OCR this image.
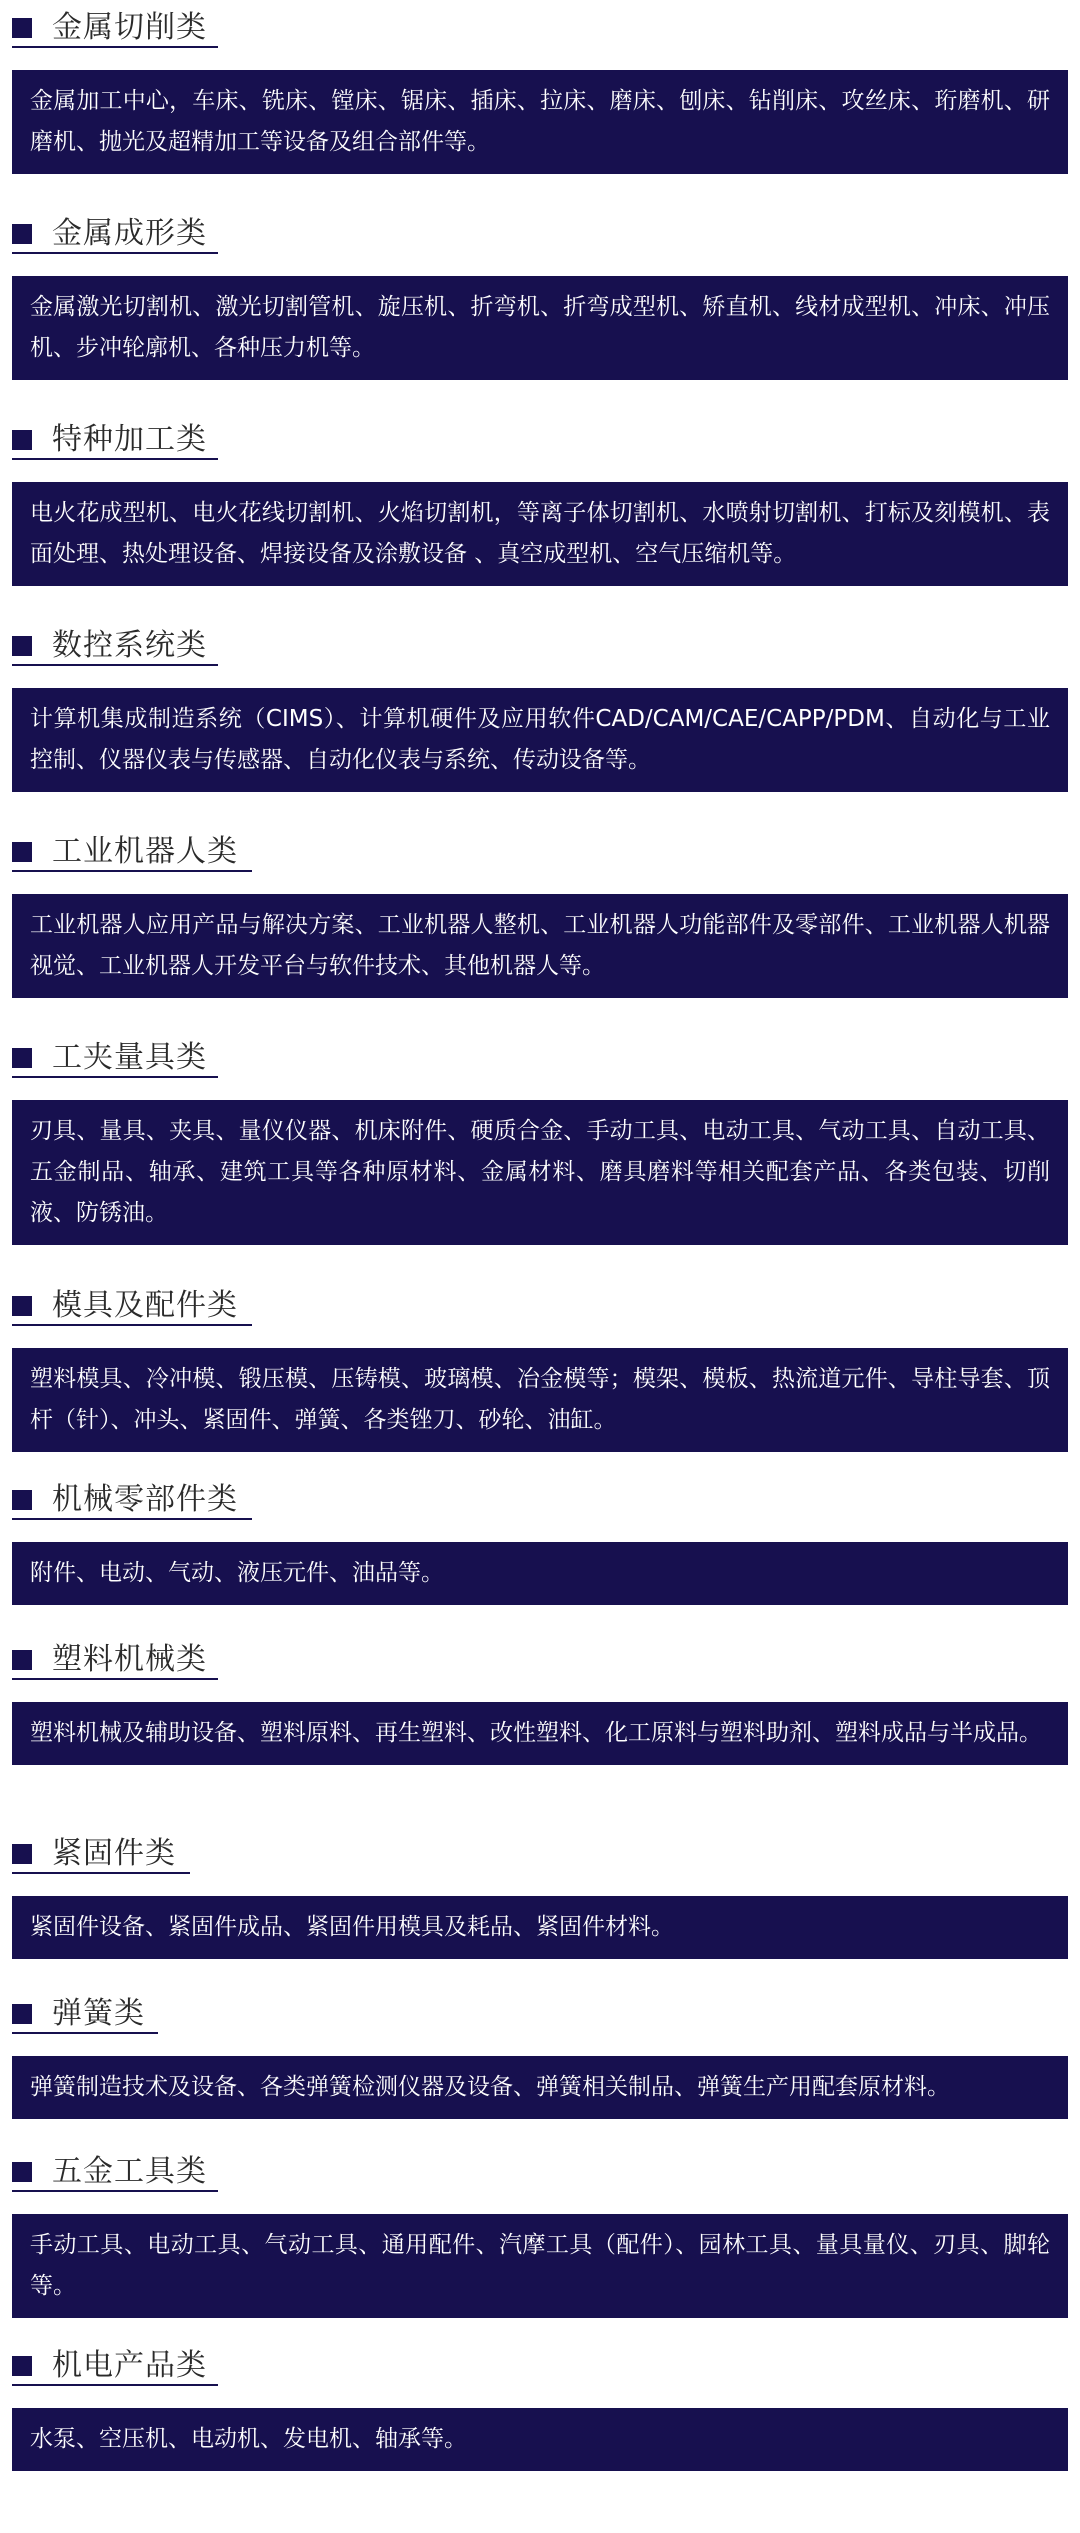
金属切削类
金属加工中心，车床、铣床、镗床、锯床、插床、拉床、磨床、刨床、钻削床、攻丝床、珩磨机、研磨机、抛光及超精加工等设备及组合部件等。
金属成形类
金属激光切割机、激光切割管机、旋压机、折弯机、折弯成型机、矫直机、线材成型机、冲床、冲压机、步冲轮廓机、各种压力机等。
特种加工类
电火花成型机、电火花线切割机、火焰切割机，等离子体切割机、水喷射切割机、打标及刻模机、表面处理、热处理设备、焊接设备及涂敷设备 、真空成型机、空气压缩机等。
数控系统类
计算机集成制造系统（CIMS）、计算机硬件及应用软件CAD/CAM/CAE/CAPP/PDM、自动化与工业控制、仪器仪表与传感器、自动化仪表与系统、传动设备等。
工业机器人类
工业机器人应用产品与解决方案、工业机器人整机、工业机器人功能部件及零部件、工业机器人机器视觉、工业机器人开发平台与软件技术、其他机器人等。
工夹量具类
刃具、量具、夹具、量仪仪器、机床附件、硬质合金、手动工具、电动工具、气动工具、自动工具、五金制品、轴承、建筑工具等各种原材料、金属材料、磨具磨料等相关配套产品、各类包装、切削液、防锈油。
模具及配件类
塑料模具、冷冲模、锻压模、压铸模、玻璃模、冶金模等；模架、模板、热流道元件、导柱导套、顶杆（针）、冲头、紧固件、弹簧、各类锉刀、砂轮、油缸。
机械零部件类
附件、电动、气动、液压元件、油品等。
塑料机械类
塑料机械及辅助设备、塑料原料、再生塑料、改性塑料、化工原料与塑料助剂、塑料成品与半成品。
紧固件类
紧固件设备、紧固件成品、紧固件用模具及耗品、紧固件材料。
弹簧类
弹簧制造技术及设备、各类弹簧检测仪器及设备、弹簧相关制品、弹簧生产用配套原材料。
五金工具类
手动工具、电动工具、气动工具、通用配件、汽摩工具（配件）、园林工具、量具量仪、刃具、脚轮等。
机电产品类
水泵、空压机、电动机、发电机、轴承等。
